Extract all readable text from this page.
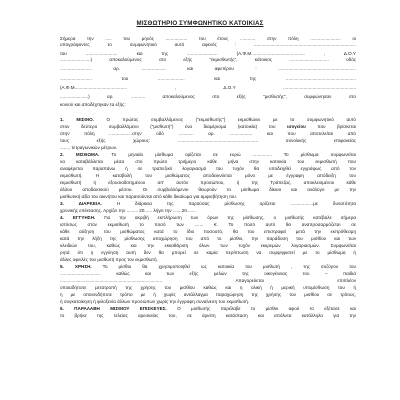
ΜΙΣΘΩΤΗΡΙΟ ΣΥΜΦΩΝΗΤΙΚΟ ΚΑΤΟΙΚΙΑΣ
Σήμερα την ..... του μηνός ................. του έτους ............ στην πόλη ........................ οι
υπογράφοντες το συμφωνητικό αυτό αφενός : ................................................................................
του ......................... και της ........................ (Α.Φ.Μ.......................................... , Δ.Ο.Υ
........................) αποκαλούμενος στο εξής "εκμισθωτής", κάτοικος ............................... οδός
......................... αρ. ................... και αφετέρου : .............................................................
......................... του ..................... και της .......................................................
(Α.Φ.Μ......................................... , Δ.Ο.Υ .........................................................
......................) αρ. ........... αποκαλούμενος στο εξής "μισθωτής", συμφώνησαν στο
κοινού και αποδέχτηκαν τα εξής:
1. ΜΙΣΘΙΟ.	Ο πρώτος συμβαλλόμενος ("εκμισθωτής") εκμισθώνει με το συμφωνητικό αυτό
στον δεύτερο συμβαλλόμενο ("μισθωτή") ένα διαμέρισμα (κατοικία) του	ισογείου	που βρίσκεται
στην πόλη ..................στην οδό ............ αρ. .................. και που αποτελείται από
τους εξής χώρους: ............................................................... συνολικής επιφανείας
........ τετραγωνικών μέτρων.
2. ΜΙΣΘΩΜΑ.	Το μηνιαίο μίσθωμα ορίζεται σε ευρώ ............... Το μίσθωμα συμφωνείται
να καταβάλλεται μέσα στο πρώτο τριήμερο κάθε μήνα στην κατοικία του εκμισθωτή που
αναφέρεται παραπάνω ή σε τραπεζικό λογαριασμό του τυχόν θα υποδειχθεί εγγράφως από τον
εκμισθωτή. Η καταβολή του μισθώματος αποδεικνύεται μόνο με έγγραφη απόδειξη του
εκμισθωτή ή εξουσιοδοτημένου απ' αυτόν προσώπου, ή της Τράπεζας, αποκλειομένου κάθε
άλλου αποδεικτικού μέσου. Οι συμβαλλόμενοι θεωρούν το μίσθωμα δίκαιο και ανάλογο με την
μισθωτική αξία του ακινήτου και παραιτούνται από κάθε δικαίωμα για αμφισβήτηση του.
3. ΔΙΑΡΚΕΙΑ.	Η διάρκεια της παρούσας μίσθωσης ορίζεται ..................με δυνατότητα
χρονικής επέκτασης. Αρχίζει την ......... 20...... λήγει την .......20.......
4. ΕΓΓΥΗΣΗ. Για την ακριβή εκπλήρωση των όρων της μίσθωσης, ο μισθωτής κατέβαλε σήμερα
ιστόσως στον εκμισθωτή το ποσό των ....... €. Το ποσό αυτό θα αναπροσαρμόζεται σε
κάθε αύξηση του μισθώματος κατά το ίδιο ποσοστό, θα του επιστραφεί μετά την εκπρόθεσμη
κατά την λήξη της μίσθωσης αποχώρηση του από το μίσθιο, την παράδοση του μισθίου και των
κλειδιών του, καθώς και την εκκαθάριση όλων των τυχόν εκκρεμών λογαριασμών. Συμφωνείται
ρητά ότι η εγγύηση αυτή δεν θα μπορεί σε καμία περίπτωση να συμψηφιστεί με το μίσθωμα ή
άλλες οφειλές του μισθωτή προς τον εκμισθωτή.
5. ΧΡΗΣΗ. Το μίσθιο θα χρησιμοποιηθεί ως κατοικία του μισθωτή , της συζύγου του
................................ καθώς και των εξής μελών της οικογένειας του – παιδιά
................................................................................ Απαγορεύεται επιπλέον
οποιαδήποτε μετατροπή της χρήσης του μισθίου καθώς και η ολική ή μερική υπομίσθωση του ή
η με οποιονδήποτε τρόπο με ή χωρίς αντάλλαγμα παραχώρηση της χρήσης του μισθίου σε τρίτους,
ή συγκατοίκηση ή φιλοξενία άλλων προσώπων χωρίς την έγγραφη συναίνεση του εκμισθωτή.
6. ΠΑΡΑΛΑΒΗ ΜΙΣΘΙΟΥ ΕΠΙΣΚΕΥΕΣ. Ο μισθωτής παρέλαβε το μίσθιο αφού το εξέτασε και
το βρήκε της τελείας αρεσκείας του, σε άριστη κατάσταση και απόλυτα κατάλληλο για την
